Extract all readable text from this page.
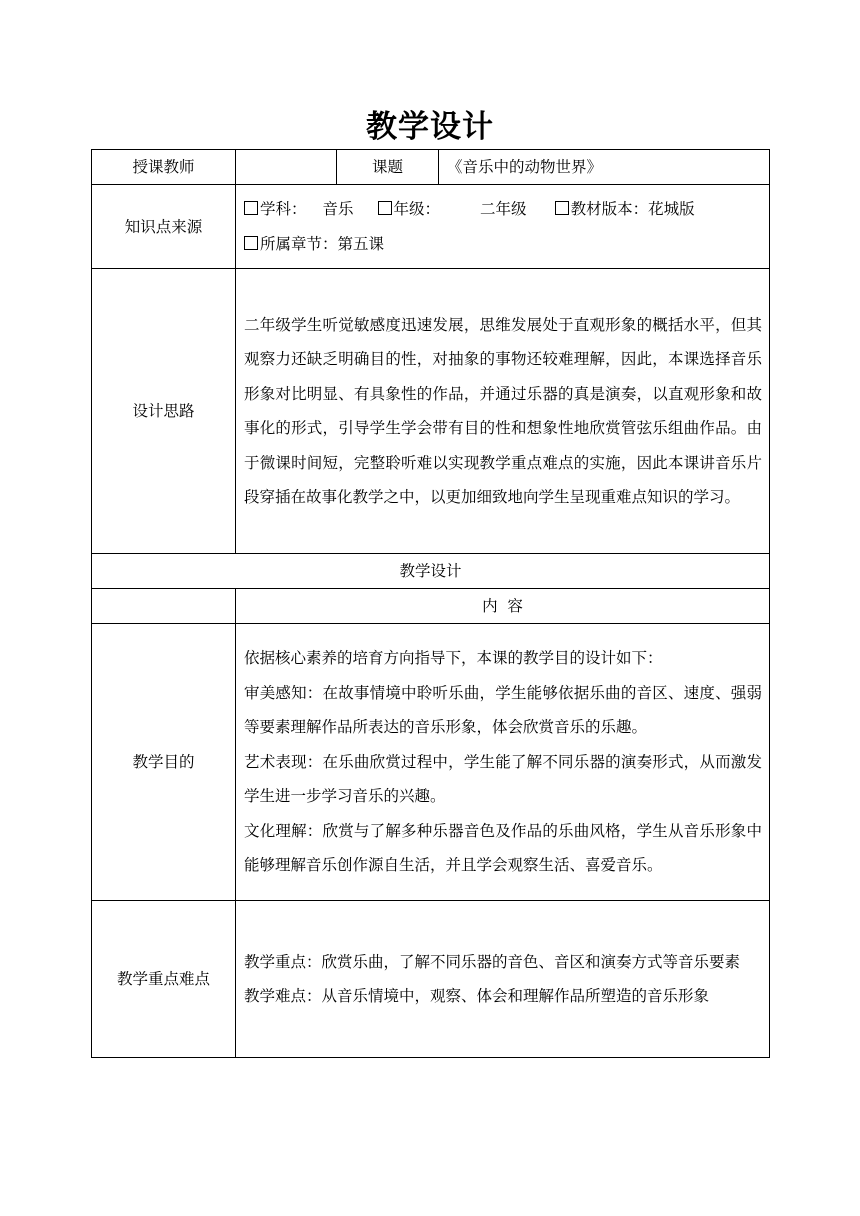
教学设计
授课教师		课题	《音乐中的动物世界》
知识点来源	学科： 音乐 年级： 二年级 教材版本：花城版

所属章节：第五课		

设计思路	二年级学生听觉敏感度迅速发展，思维发展处于直观形象的概括水平，但其观察力还缺乏明确目的性，对抽象的事物还较难理解，因此，本课选择音乐形象对比明显、有具象性的作品，并通过乐器的真是演奏，以直观形象和故事化的形式，引导学生学会带有目的性和想象性地欣赏管弦乐组曲作品。由于微课时间短，完整聆听难以实现教学重点难点的实施，因此本课讲音乐片段穿插在故事化教学之中，以更加细致地向学生呈现重难点知识的学习。		

教学设计			
	内  容		
教学目的	依据核心素养的培育方向指导下，本课的教学目的设计如下：

审美感知：在故事情境中聆听乐曲，学生能够依据乐曲的音区、速度、强弱等要素理解作品所表达的音乐形象，体会欣赏音乐的乐趣。

艺术表现：在乐曲欣赏过程中，学生能了解不同乐器的演奏形式，从而激发学生进一步学习音乐的兴趣。

文化理解：欣赏与了解多种乐器音色及作品的乐曲风格，学生从音乐形象中能够理解音乐创作源自生活，并且学会观察生活、喜爱音乐。		

教学重点难点	教学重点：欣赏乐曲，了解不同乐器的音色、音区和演奏方式等音乐要素

教学难点：从音乐情境中，观察、体会和理解作品所塑造的音乐形象		
